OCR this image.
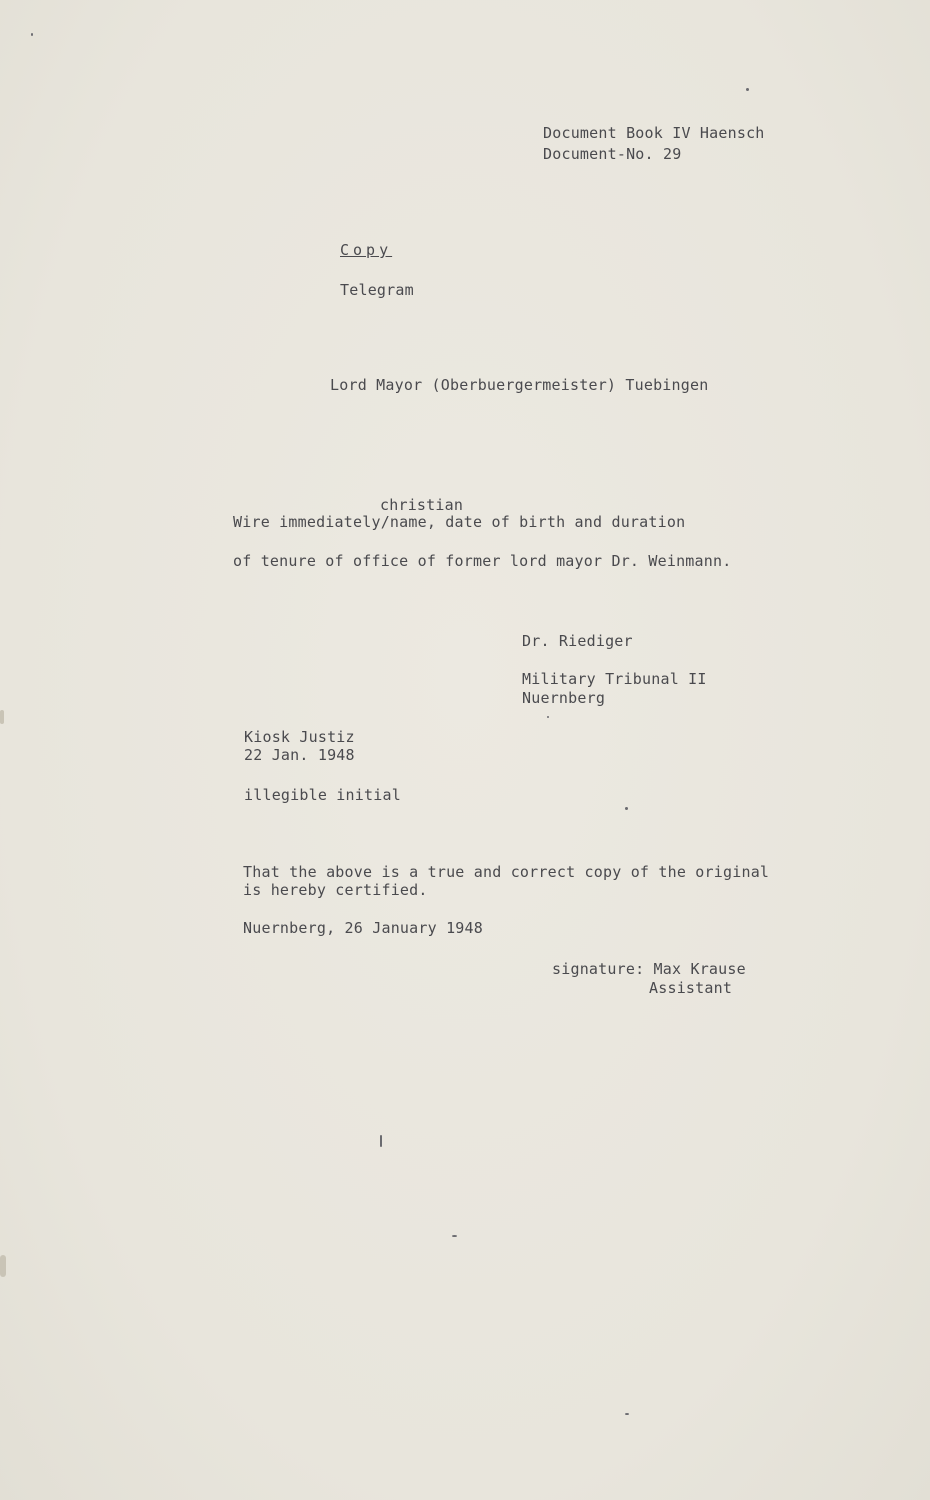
Document Book IV Haensch
Document-No. 29
Copy
Telegram
Lord Mayor (Oberbuergermeister) Tuebingen
christian
Wire immediately/name, date of birth and duration
of tenure of office of former lord mayor Dr. Weinmann.
Dr. Riediger
Military Tribunal II
Nuernberg
Kiosk Justiz
22 Jan. 1948
illegible initial
That the above is a true and correct copy of the original
is hereby certified.
Nuernberg, 26 January 1948
signature: Max Krause
Assistant
